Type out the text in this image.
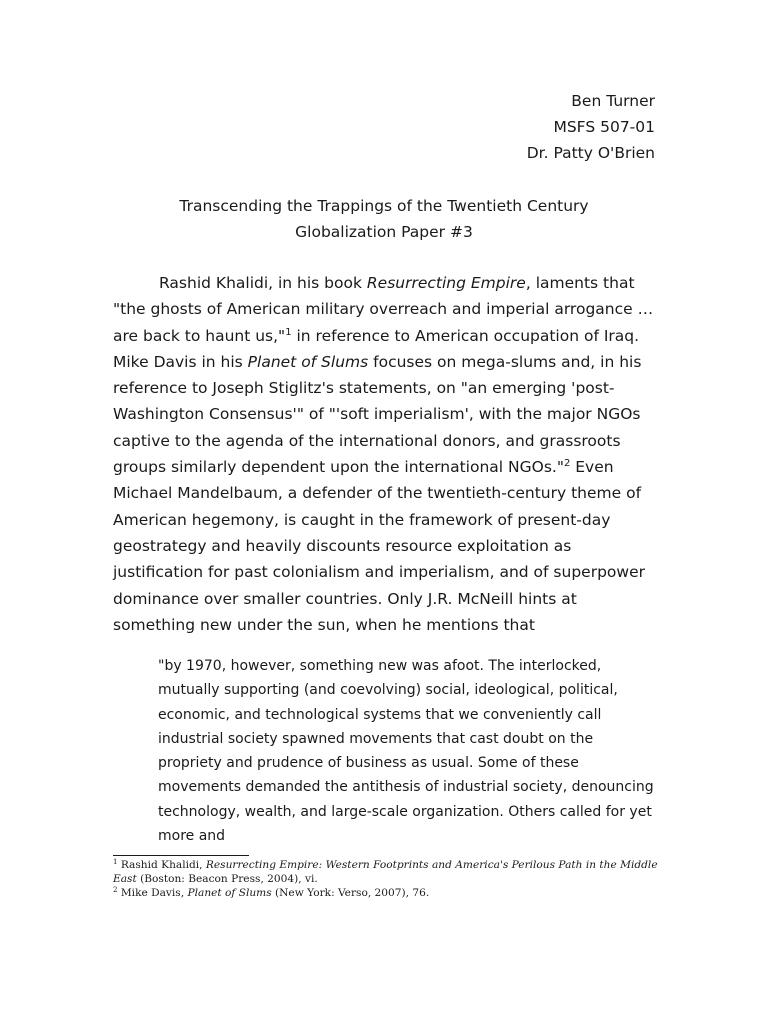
Ben Turner
MSFS 507-01
Dr. Patty O'Brien
Transcending the Trappings of the Twentieth Century
Globalization Paper #3

Rashid Khalidi, in his book Resurrecting Empire, laments that "the ghosts of American military overreach and imperial arrogance … are back to haunt us,"$^1$ in reference to American occupation of Iraq. Mike Davis in his Planet of Slums focuses on mega-slums and, in his reference to Joseph Stiglitz's statements, on "an emerging 'post-Washington Consensus'" of "'soft imperialism', with the major NGOs captive to the agenda of the international donors, and grassroots groups similarly dependent upon the international NGOs."$^2$ Even Michael Mandelbaum, a defender of the twentieth-century theme of American hegemony, is caught in the framework of present-day geostrategy and heavily discounts resource exploitation as justification for past colonialism and imperialism, and of superpower dominance over smaller countries. Only J.R. McNeill hints at something new under the sun, when he mentions that

"by 1970, however, something new was afoot. The interlocked, mutually supporting (and coevolving) social, ideological, political, economic, and technological systems that we conveniently call industrial society spawned movements that cast doubt on the propriety and prudence of business as usual. Some of these movements demanded the antithesis of industrial society, denouncing technology, wealth, and large-scale organization. Others called for yet more and

$^1$ Rashid Khalidi, Resurrecting Empire: Western Footprints and America's Perilous Path in the Middle East (Boston: Beacon Press, 2004), vi.

$^2$ Mike Davis, Planet of Slums (New York: Verso, 2007), 76.
